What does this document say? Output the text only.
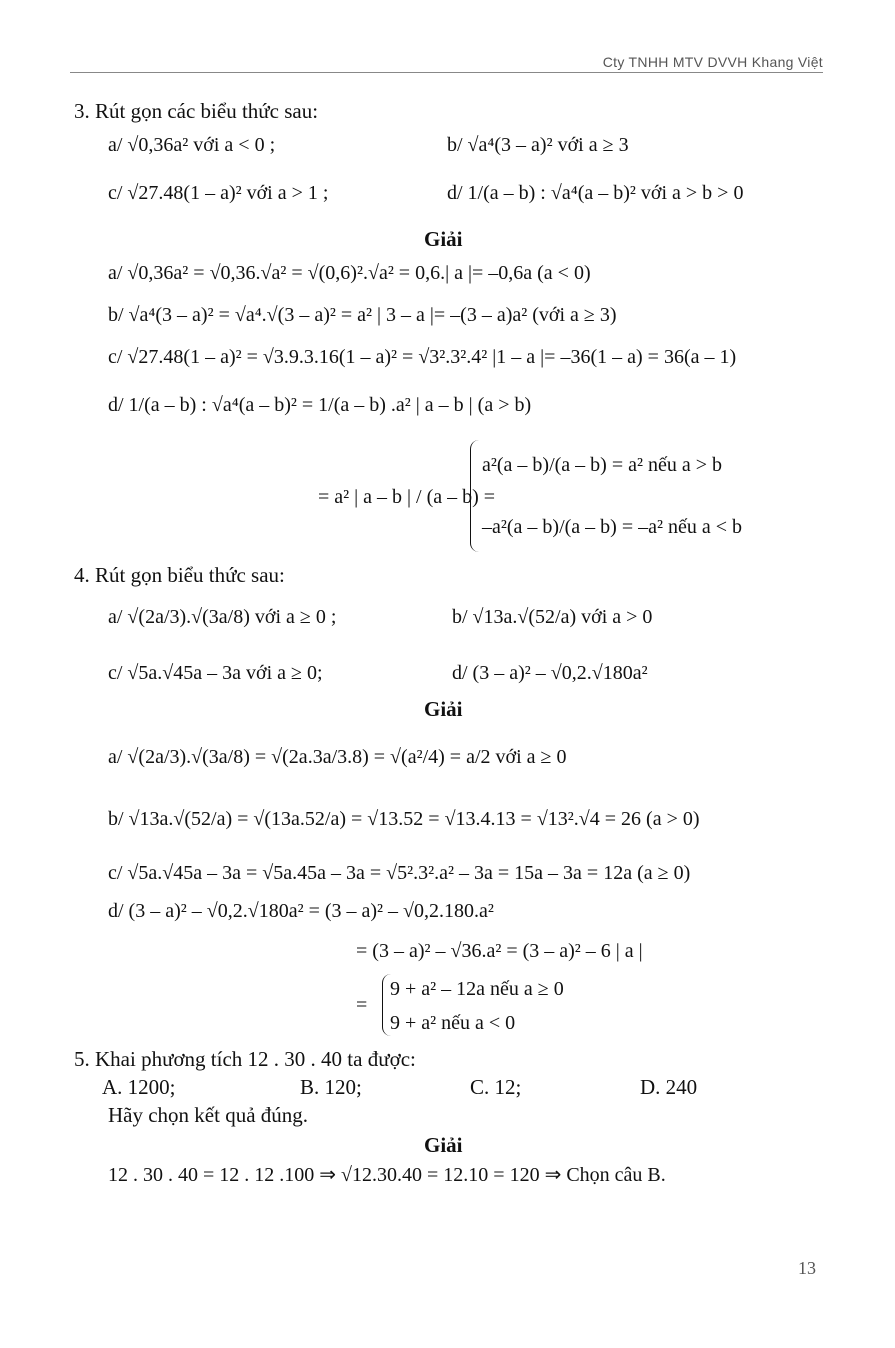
Cty TNHH MTV DVVH Khang Việt
3. Rút gọn các biểu thức sau:
a/ √0,36a² với a < 0 ;	b/ √a⁴(3 – a)² với a ≥ 3
c/ √27.48(1 – a)² với a > 1 ;	d/ 1/(a – b) : √a⁴(a – b)² với a > b > 0
Giải
a/ √0,36a² = √0,36.√a² = √(0,6)².√a² = 0,6.| a |= –0,6a (a < 0)
b/ √a⁴(3 – a)² = √a⁴.√(3 – a)² = a² | 3 – a |= –(3 – a)a² (với a ≥ 3)
c/ √27.48(1 – a)² = √3.9.3.16(1 – a)² = √3².3².4² |1 – a |= –36(1 – a) = 36(a – 1)
d/ 1/(a – b) : √a⁴(a – b)² = 1/(a – b) .a² | a – b | (a > b)
= a² | a – b | / (a – b) =
a²(a – b)/(a – b) = a² nếu a > b
–a²(a – b)/(a – b) = –a² nếu a < b
4. Rút gọn biểu thức sau:
a/ √(2a/3).√(3a/8) với a ≥ 0 ;	b/ √13a.√(52/a) với a > 0
c/ √5a.√45a – 3a với a ≥ 0;	d/ (3 – a)² – √0,2.√180a²
Giải
a/ √(2a/3).√(3a/8) = √(2a.3a/3.8) = √(a²/4) = a/2 với a ≥ 0
b/ √13a.√(52/a) = √(13a.52/a) = √13.52 = √13.4.13 = √13².√4 = 26 (a > 0)
c/ √5a.√45a – 3a = √5a.45a – 3a = √5².3².a² – 3a = 15a – 3a = 12a (a ≥ 0)
d/ (3 – a)² – √0,2.√180a² = (3 – a)² – √0,2.180.a²
= (3 – a)² – √36.a² = (3 – a)² – 6 | a |
=
9 + a² – 12a nếu a ≥ 0
9 + a² nếu a < 0
5. Khai phương tích 12 . 30 . 40 ta được:
A. 1200;	B. 120;	C. 12;	D. 240
Hãy chọn kết quả đúng.
Giải
12 . 30 . 40 = 12 . 12 .100 ⇒ √12.30.40 = 12.10 = 120 ⇒ Chọn câu B.
13
